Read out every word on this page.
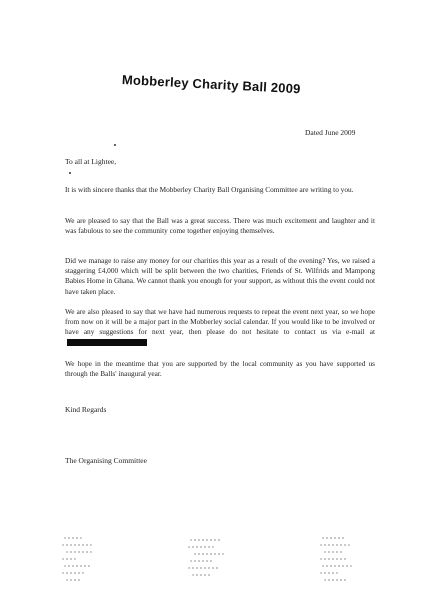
Mobberley Charity Ball 2009
Dated June 2009
To all at Lightee,

It is with sincere thanks that the Mobberley Charity Ball Organising Committee are writing to you.

We are pleased to say that the Ball was a great success. There was much excitement and laughter and it was fabulous to see the community come together enjoying themselves.

Did we manage to raise any money for our charities this year as a result of the evening? Yes, we raised a staggering £4,000 which will be split between the two charities, Friends of St. Wilfrids and Mampong Babies Home in Ghana. We cannot thank you enough for your support, as without this the event could not have taken place.

We are also pleased to say that we have had numerous requests to repeat the event next year, so we hope from now on it will be a major part in the Mobberley social calendar. If you would like to be involved or have any suggestions for next year, then please do not hesitate to contact us via e-mail at

We hope in the meantime that you are supported by the local community as you have supported us through the Balls' inaugural year.

Kind Regards
The Organising Committee
